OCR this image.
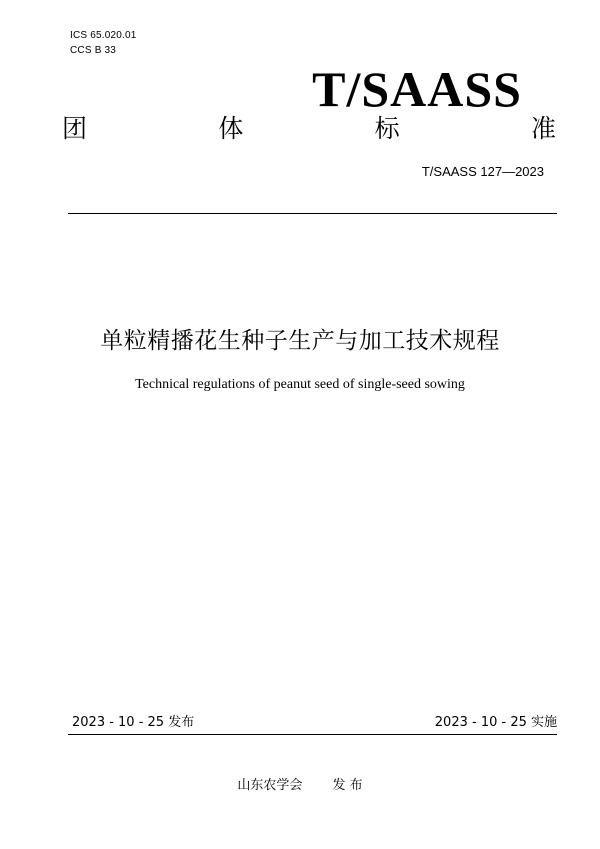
ICS 65.020.01
CCS B 33
T/SAASS
团	体	标	准
T/SAASS 127—2023
单粒精播花生种子生产与加工技术规程
Technical regulations of peanut seed of single-seed sowing
2023 - 10 - 25 发布	2023 - 10 - 25 实施
山东农学会 发 布
